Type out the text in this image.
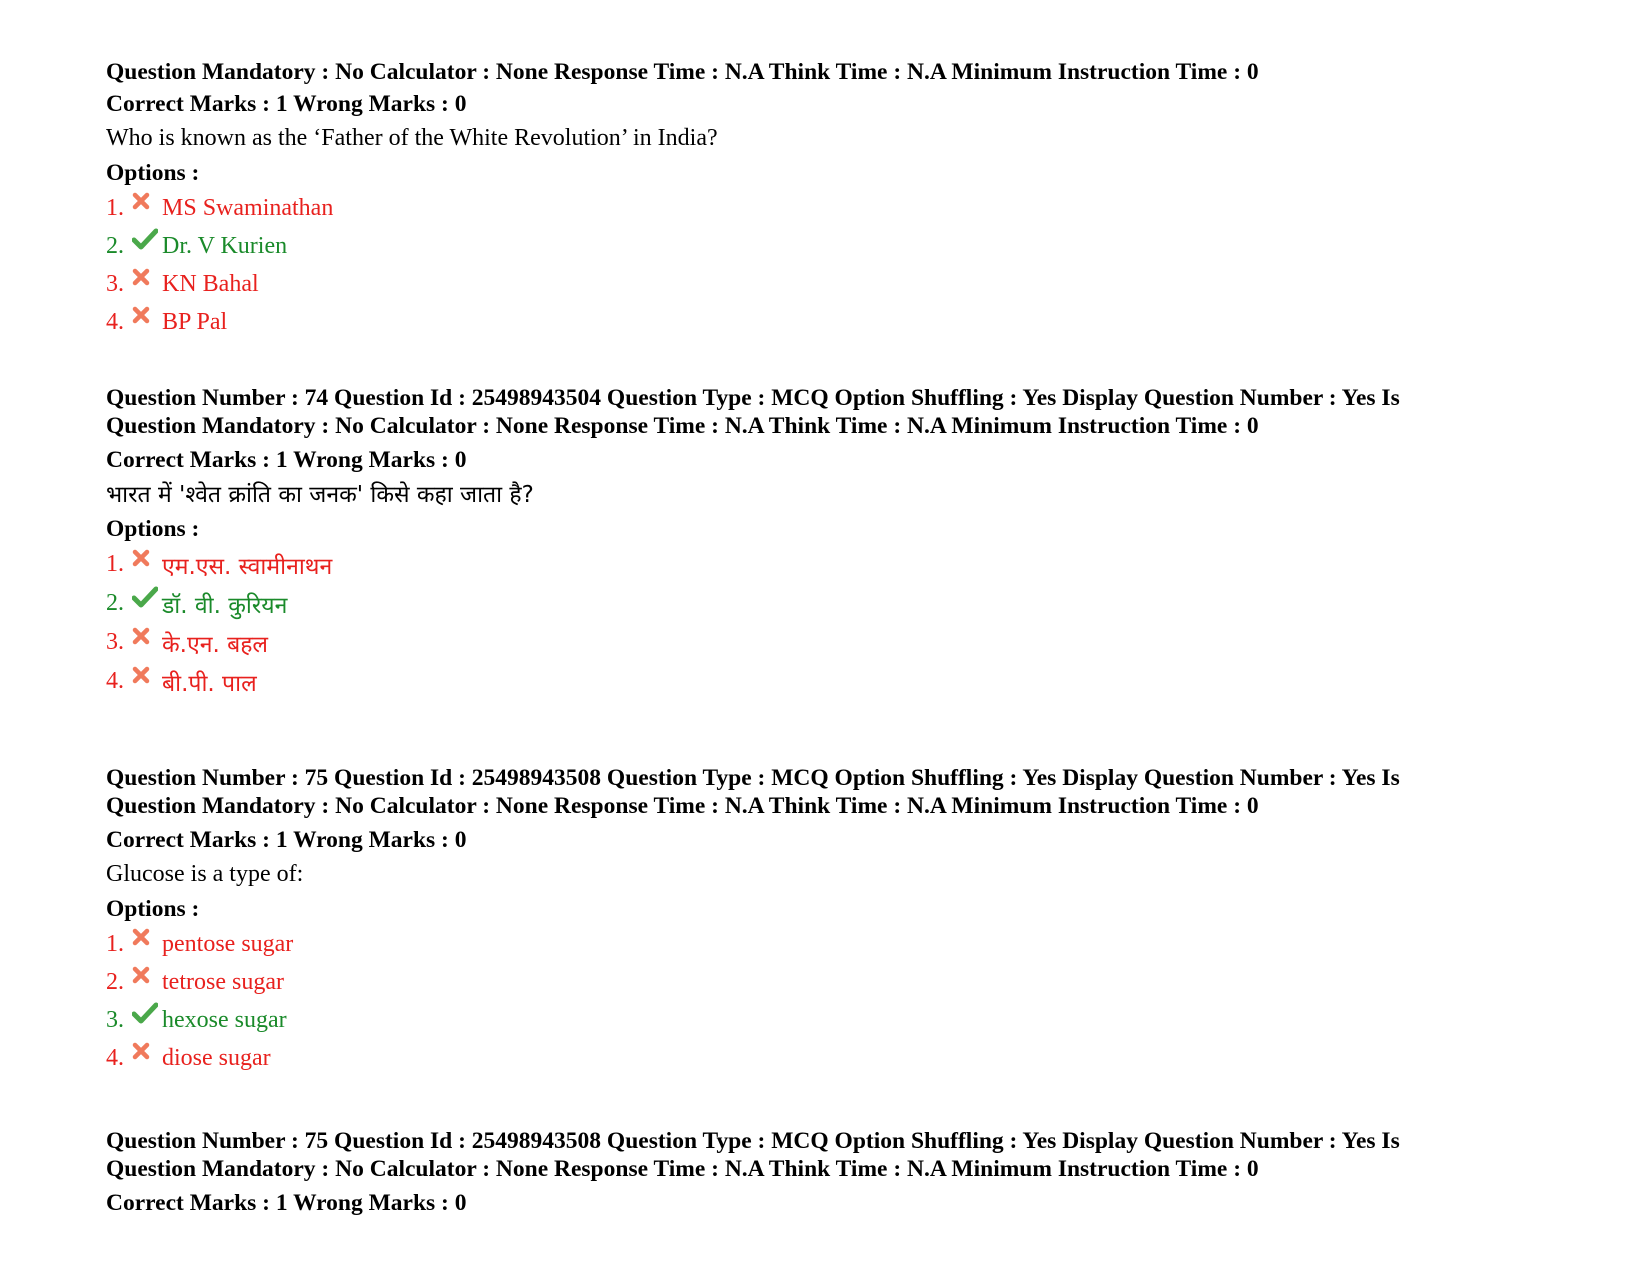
Question Mandatory : No Calculator : None Response Time : N.A Think Time : N.A Minimum Instruction Time : 0
Correct Marks : 1 Wrong Marks : 0
Who is known as the ‘Father of the White Revolution’ in India?
Options :
1.	MS Swaminathan
2.	Dr. V Kurien
3.	KN Bahal
4.	BP Pal
Question Number : 74 Question Id : 25498943504 Question Type : MCQ Option Shuffling : Yes Display Question Number : Yes Is
Question Mandatory : No Calculator : None Response Time : N.A Think Time : N.A Minimum Instruction Time : 0
Correct Marks : 1 Wrong Marks : 0
भारत में 'श्वेत क्रांति का जनक' किसे कहा जाता है?
Options :
1.	एम.एस. स्वामीनाथन
2.	डॉ. वी. कुरियन
3.	के.एन. बहल
4.	बी.पी. पाल
Question Number : 75 Question Id : 25498943508 Question Type : MCQ Option Shuffling : Yes Display Question Number : Yes Is
Question Mandatory : No Calculator : None Response Time : N.A Think Time : N.A Minimum Instruction Time : 0
Correct Marks : 1 Wrong Marks : 0
Glucose is a type of:
Options :
1.	pentose sugar
2.	tetrose sugar
3.	hexose sugar
4.	diose sugar
Question Number : 75 Question Id : 25498943508 Question Type : MCQ Option Shuffling : Yes Display Question Number : Yes Is
Question Mandatory : No Calculator : None Response Time : N.A Think Time : N.A Minimum Instruction Time : 0
Correct Marks : 1 Wrong Marks : 0
